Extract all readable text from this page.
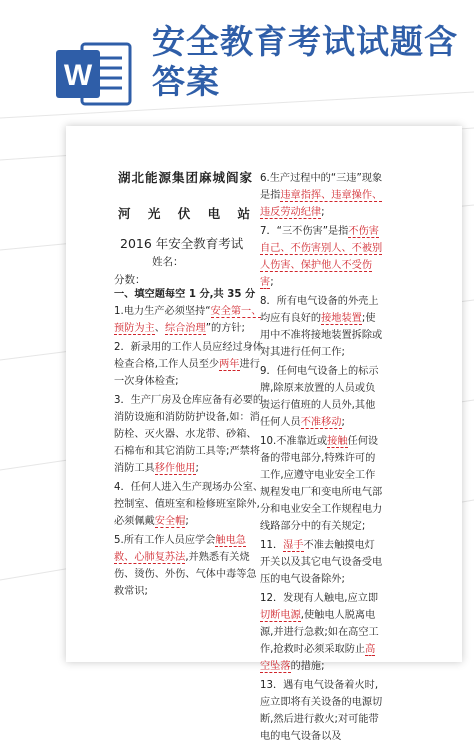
W
安全教育考试试题含答案
湖北能源集团麻城阎家
河 光 伏 电 站
2016 年安全教育考试
姓名：
分数：
一、填空题每空 1 分,共 35 分
1.电力生产必须坚持“安全第一、预防为主、综合治理”的方针;
2．新录用的工作人员应经过身体检查合格,工作人员至少两年进行一次身体检查;
3．生产厂房及仓库应备有必要的消防设施和消防防护设备,如：消防栓、灭火器、水龙带、砂箱、石棉布和其它消防工具等;严禁将消防工具移作他用;
4．任何人进入生产现场办公室、控制室、值班室和检修班室除外,必须佩戴安全帽;
5.所有工作人员应学会触电急救、心肺复苏法,并熟悉有关烧伤、烫伤、外伤、气体中毒等急救常识;
6.生产过程中的“三违”现象是指违章指挥、违章操作、违反劳动纪律;
7．“三不伤害”是指不伤害自己、不伤害别人、不被别人伤害、保护他人不受伤害;
8．所有电气设备的外壳上均应有良好的接地装置;使用中不准将接地装置拆除或对其进行任何工作;
9．任何电气设备上的标示牌,除原来放置的人员或负责运行值班的人员外,其他任何人员不准移动;
10.不准靠近或接触任何设备的带电部分,特殊许可的工作,应遵守电业安全工作规程发电厂和变电所电气部分和电业安全工作规程电力线路部分中的有关规定;
11．湿手不准去触摸电灯开关以及其它电气设备受电压的电气设备除外;
12．发现有人触电,应立即切断电源,使触电人脱离电源,并进行急救;如在高空工作,抢救时必须采取防止高空坠落的措施;
13．遇有电气设备着火时,应立即将有关设备的电源切断,然后进行救火;对可能带电的电气设备以及
